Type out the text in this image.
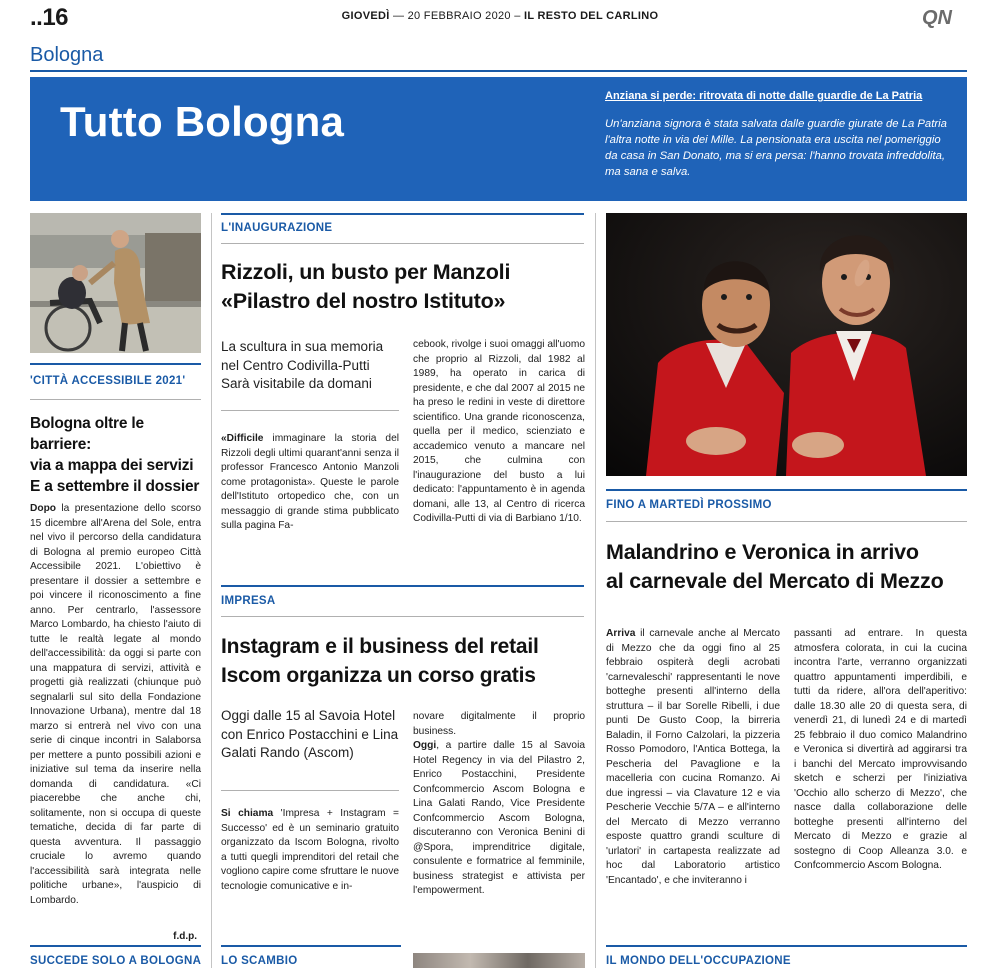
..16	GIOVEDÌ — 20 FEBBRAIO 2020 – IL RESTO DEL CARLINO	QN
Bologna
Tutto Bologna
Anziana si perde: ritrovata di notte dalle guardie de La Patria
Un'anziana signora è stata salvata dalle guardie giurate de La Patria l'altra notte in via dei Mille. La pensionata era uscita nel pomeriggio da casa in San Donato, ma si era persa: l'hanno trovata infreddolita, ma sana e salva.
'CITTÀ ACCESSIBILE 2021'
Bologna oltre le barriere:
via a mappa dei servizi
E a settembre il dossier
Dopo la presentazione dello scorso 15 dicembre all'Arena del Sole, entra nel vivo il percorso della candidatura di Bologna al premio europeo Città Accessibile 2021. L'obiettivo è presentare il dossier a settembre e poi vincere il riconoscimento a fine anno. Per centrarlo, l'assessore Marco Lombardo, ha chiesto l'aiuto di tutte le realtà legate al mondo dell'accessibilità: da oggi si parte con una mappatura di servizi, attività e progetti già realizzati (chiunque può segnalarli sul sito della Fondazione Innovazione Urbana), mentre dal 18 marzo si entrerà nel vivo con una serie di cinque incontri in Salaborsa per mettere a punto possibili azioni e iniziative sul tema da inserire nella domanda di candidatura. «Ci piacerebbe che anche chi, solitamente, non si occupa di queste tematiche, decida di far parte di questa avventura. Il passaggio cruciale lo avremo quando l'accessibilità sarà integrata nelle politiche urbane», l'auspicio di Lombardo.
f.d.p.
SUCCEDE SOLO A BOLOGNA
L'INAUGURAZIONE
Rizzoli, un busto per Manzoli
«Pilastro del nostro Istituto»
La scultura in sua memoria nel Centro Codivilla-Putti Sarà visitabile da domani
«Difficile immaginare la storia del Rizzoli degli ultimi quarant'anni senza il professor Francesco Antonio Manzoli come protagonista». Queste le parole dell'Istituto ortopedico che, con un messaggio di grande stima pubblicato sulla pagina Fa-
cebook, rivolge i suoi omaggi all'uomo che proprio al Rizzoli, dal 1982 al 1989, ha operato in carica di presidente, e che dal 2007 al 2015 ne ha preso le redini in veste di direttore scientifico. Una grande riconoscenza, quella per il medico, scienziato e accademico venuto a mancare nel 2015, che culmina con l'inaugurazione del busto a lui dedicato: l'appuntamento è in agenda domani, alle 13, al Centro di ricerca Codivilla-Putti di via di Barbiano 1/10.
IMPRESA
Instagram e il business del retail
Iscom organizza un corso gratis
Oggi dalle 15 al Savoia Hotel con Enrico Postacchini e Lina Galati Rando (Ascom)
Si chiama 'Impresa + Instagram = Successo' ed è un seminario gratuito organizzato da Iscom Bologna, rivolto a tutti quegli imprenditori del retail che vogliono capire come sfruttare le nuove tecnologie comunicative e in-
novare digitalmente il proprio business.
Oggi, a partire dalle 15 al Savoia Hotel Regency in via del Pilastro 2, Enrico Postacchini, Presidente Confcommercio Ascom Bologna e Lina Galati Rando, Vice Presidente Confcommercio Ascom Bologna, discuteranno con Veronica Benini di @Spora, imprenditrice digitale, consulente e formatrice al femminile, business strategist e attivista per l'empowerment.
LO SCAMBIO
FINO A MARTEDÌ PROSSIMO
Malandrino e Veronica in arrivo
al carnevale del Mercato di Mezzo
Arriva il carnevale anche al Mercato di Mezzo che da oggi fino al 25 febbraio ospiterà degli acrobati 'carnevaleschi' rappresentanti le nove botteghe presenti all'interno della struttura – il bar Sorelle Ribelli, i due punti De Gusto Coop, la birreria Baladin, il Forno Calzolari, la pizzeria Rosso Pomodoro, l'Antica Bottega, la Pescheria del Pavaglione e la macelleria con cucina Romanzo. Ai due ingressi – via Clavature 12 e via Pescherie Vecchie 5/7A – e all'interno del Mercato di Mezzo verranno esposte quattro grandi sculture di 'urlatori' in cartapesta realizzate ad hoc dal Laboratorio artistico 'Encantado', e che inviteranno i
passanti ad entrare. In questa atmosfera colorata, in cui la cucina incontra l'arte, verranno organizzati quattro appuntamenti imperdibili, e tutti da ridere, all'ora dell'aperitivo: dalle 18.30 alle 20 di questa sera, di venerdì 21, di lunedì 24 e di martedì 25 febbraio il duo comico Malandrino e Veronica si divertirà ad aggirarsi tra i banchi del Mercato improvvisando sketch e scherzi per l'iniziativa 'Occhio allo scherzo di Mezzo', che nasce dalla collaborazione delle botteghe presenti all'interno del Mercato di Mezzo e grazie al sostegno di Coop Alleanza 3.0. e Confcommercio Ascom Bologna.
IL MONDO DELL'OCCUPAZIONE
